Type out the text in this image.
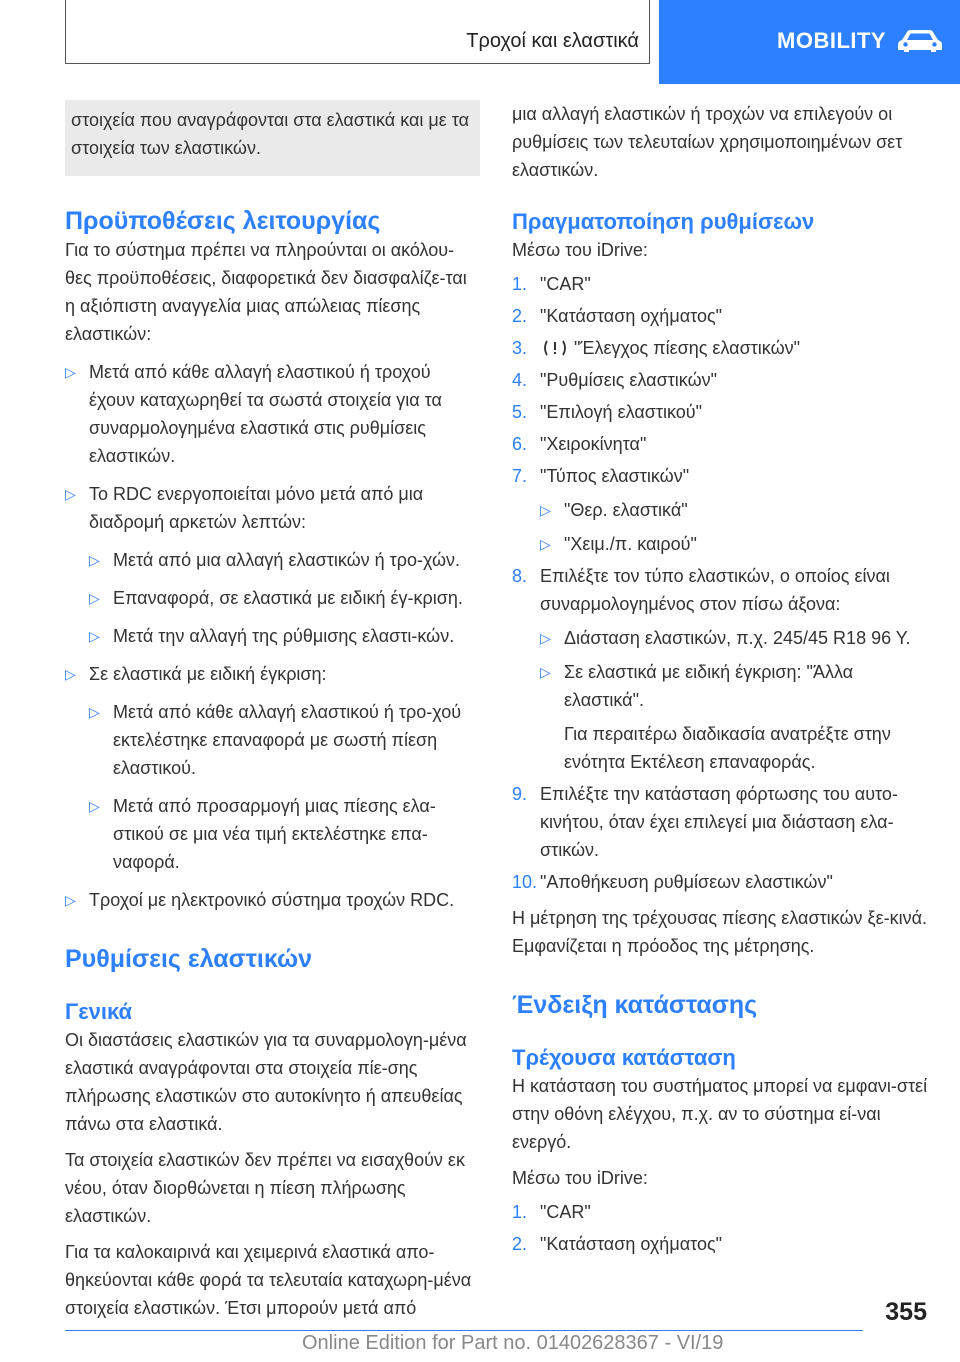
Τροχοί και ελαστικά	MOBILITY
στοιχεία που αναγράφονται στα ελαστικά και με τα στοιχεία των ελαστικών.
Προϋποθέσεις λειτουργίας

Για το σύστημα πρέπει να πληρούνται οι ακόλου-θες προϋποθέσεις, διαφορετικά δεν διασφαλίζε-ται η αξιόπιστη αναγγελία μιας απώλειας πίεσης ελαστικών:

▷ Μετά από κάθε αλλαγή ελαστικού ή τροχού έχουν καταχωρηθεί τα σωστά στοιχεία για τα συναρμολογημένα ελαστικά στις ρυθμίσεις ελαστικών.
▷ Το RDC ενεργοποιείται μόνο μετά από μια διαδρομή αρκετών λεπτών:
▷ Μετά από μια αλλαγή ελαστικών ή τρο-χών.
▷ Επαναφορά, σε ελαστικά με ειδική έγ-κριση.
▷ Μετά την αλλαγή της ρύθμισης ελαστι-κών.
▷ Σε ελαστικά με ειδική έγκριση:
▷ Μετά από κάθε αλλαγή ελαστικού ή τρο-χού εκτελέστηκε επαναφορά με σωστή πίεση ελαστικού.
▷ Μετά από προσαρμογή μιας πίεσης ελα-στικού σε μια νέα τιμή εκτελέστηκε επα-ναφορά.
▷ Τροχοί με ηλεκτρονικό σύστημα τροχών RDC.
Ρυθμίσεις ελαστικών
Γενικά

Οι διαστάσεις ελαστικών για τα συναρμολογη-μένα ελαστικά αναγράφονται στα στοιχεία πίε-σης πλήρωσης ελαστικών στο αυτοκίνητο ή απευθείας πάνω στα ελαστικά.

Τα στοιχεία ελαστικών δεν πρέπει να εισαχθούν εκ νέου, όταν διορθώνεται η πίεση πλήρωσης ελαστικών.

Για τα καλοκαιρινά και χειμερινά ελαστικά απο-θηκεύονται κάθε φορά τα τελευταία καταχωρη-μένα στοιχεία ελαστικών. Έτσι μπορούν μετά από

μια αλλαγή ελαστικών ή τροχών να επιλεγούν οι ρυθμίσεις των τελευταίων χρησιμοποιημένων σετ ελαστικών.

Πραγματοποίηση ρυθμίσεων

Μέσω του iDrive:

1. "CAR"
2. "Κατάσταση οχήματος"
3.	"Έλεγχος πίεσης ελαστικών"
4. "Ρυθμίσεις ελαστικών"
5. "Επιλογή ελαστικού"
6. "Χειροκίνητα"
7. "Τύπος ελαστικών"
▷ "Θερ. ελαστικά"
▷ "Χειμ./π. καιρού"
8. Επιλέξτε τον τύπο ελαστικών, ο οποίος είναι συναρμολογημένος στον πίσω άξονα:
▷ Διάσταση ελαστικών, π.χ. 245/45 R18 96 Y.
▷ Σε ελαστικά με ειδική έγκριση: "Άλλα ελαστικά".
Για περαιτέρω διαδικασία ανατρέξτε στην ενότητα Εκτέλεση επαναφοράς.
9. Επιλέξτε την κατάσταση φόρτωσης του αυτο-κινήτου, όταν έχει επιλεγεί μια διάσταση ελα-στικών.
10. "Αποθήκευση ρυθμίσεων ελαστικών"

Η μέτρηση της τρέχουσας πίεσης ελαστικών ξε-κινά. Εμφανίζεται η πρόοδος της μέτρησης.

Ένδειξη κατάστασης
Τρέχουσα κατάσταση

Η κατάσταση του συστήματος μπορεί να εμφανι-στεί στην οθόνη ελέγχου, π.χ. αν το σύστημα εί-ναι ενεργό.

Μέσω του iDrive:

1. "CAR"
2. "Κατάσταση οχήματος"
355
Online Edition for Part no. 01402628367 - VI/19
